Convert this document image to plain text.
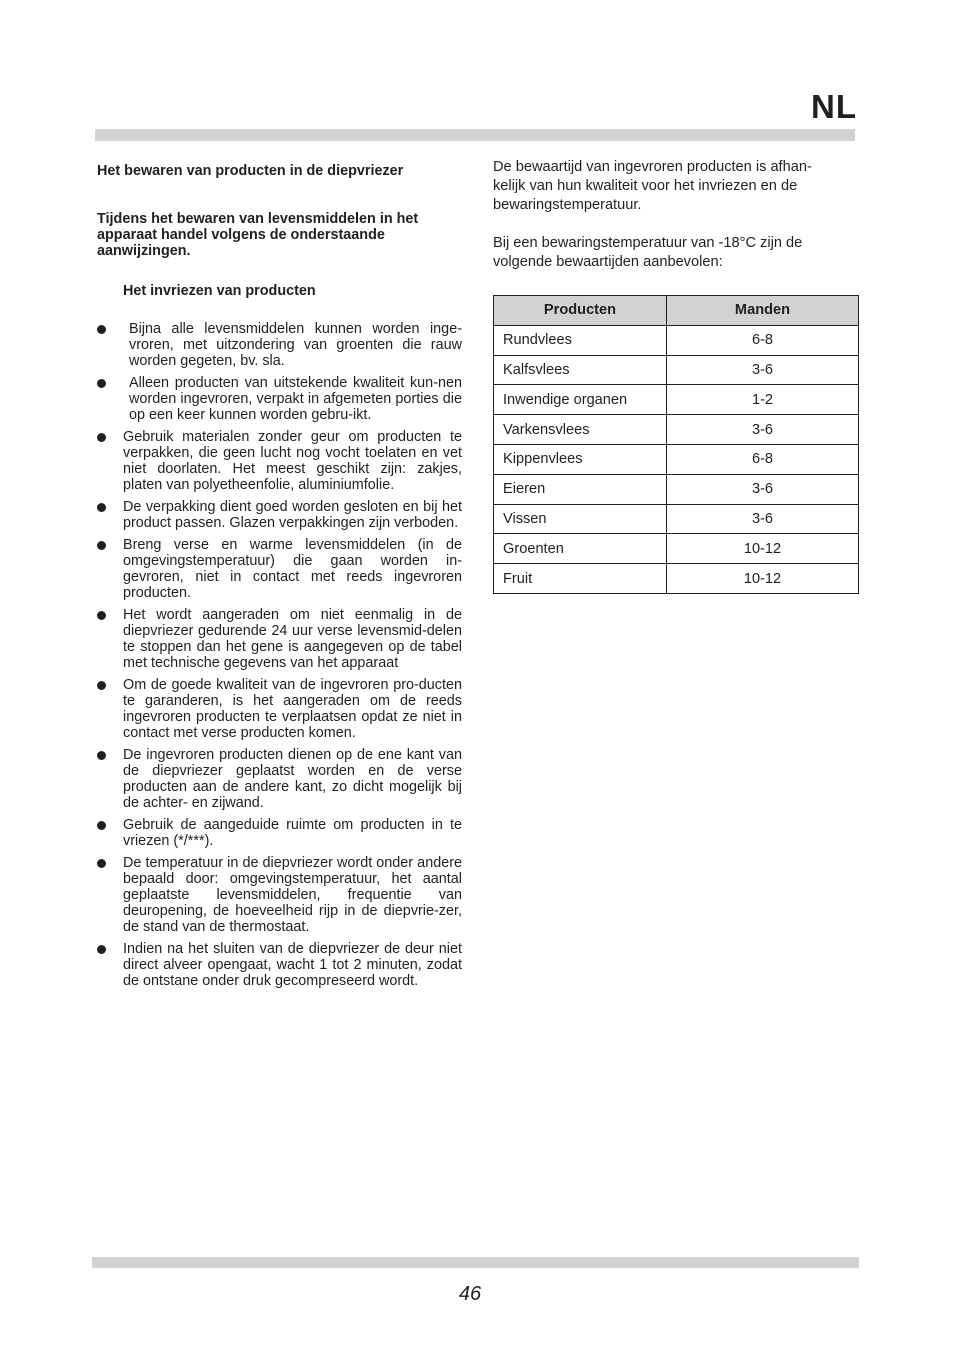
NL

Het bewaren van producten in de diepvriezer

Tijdens het bewaren van levensmiddelen in het apparaat handel volgens de onderstaande aanwijzingen.

Het invriezen van producten

Bijna alle levensmiddelen kunnen worden inge-vroren, met uitzondering van groenten die rauw worden gegeten, bv. sla.
Alleen producten van uitstekende kwaliteit kun-nen worden ingevroren, verpakt in afgemeten porties die op een keer kunnen worden gebru-ikt.
Gebruik materialen zonder geur om producten te verpakken, die geen lucht nog vocht toelaten en vet niet doorlaten. Het meest geschikt zijn: zakjes, platen van polyetheenfolie, aluminiumfolie.
De verpakking dient goed worden gesloten en bij het product passen. Glazen verpakkingen zijn verboden.
Breng verse en warme levensmiddelen (in de omgevingstemperatuur) die gaan worden in-gevroren, niet in contact met reeds ingevroren producten.
Het wordt aangeraden om niet eenmalig in de diepvriezer gedurende 24 uur verse levensmid-delen te stoppen dan het gene is aangegeven op de tabel met technische gegevens van het apparaat
Om de goede kwaliteit van de ingevroren pro-ducten te garanderen, is het aangeraden om de reeds ingevroren producten te verplaatsen opdat ze niet in contact met verse producten komen.
De ingevroren producten dienen op de ene kant van de diepvriezer geplaatst worden en de verse producten aan de andere kant, zo dicht mogelijk bij de achter- en zijwand.
Gebruik de aangeduide ruimte om producten in te vriezen (*/***).
De temperatuur in de diepvriezer wordt onder andere bepaald door: omgevingstemperatuur, het aantal geplaatste levensmiddelen, frequentie van deuropening, de hoeveelheid rijp in de diepvrie-zer, de stand van de thermostaat.
Indien na het sluiten van de diepvriezer de deur niet direct alveer opengaat, wacht 1 tot 2 minuten, zodat de ontstane onder druk gecompreseerd wordt.

De bewaartijd van ingevroren producten is afhan-kelijk van hun kwaliteit voor het invriezen en de bewaringstemperatuur.

Bij een bewaringstemperatuur van -18°C zijn de volgende bewaartijden aanbevolen:

Producten	Manden
Rundvlees	6-8
Kalfsvlees	3-6
Inwendige organen	1-2
Varkensvlees	3-6
Kippenvlees	6-8
Eieren	3-6
Vissen	3-6
Groenten	10-12
Fruit	10-12
46
